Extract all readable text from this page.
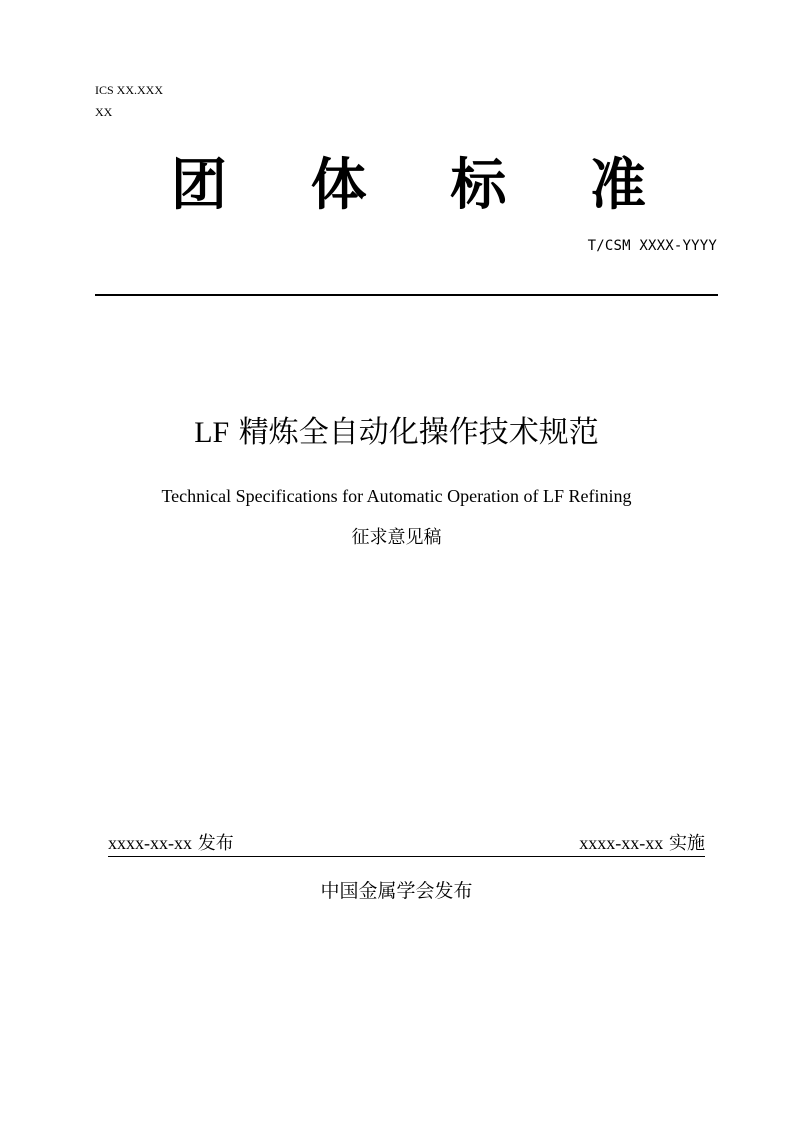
ICS XX.XXX
XX
团 体 标 准
T/CSM XXXX-YYYY
LF 精炼全自动化操作技术规范
Technical Specifications for Automatic Operation of LF Refining
征求意见稿
xxxx-xx-xx 发布	xxxx-xx-xx 实施
中国金属学会发布
